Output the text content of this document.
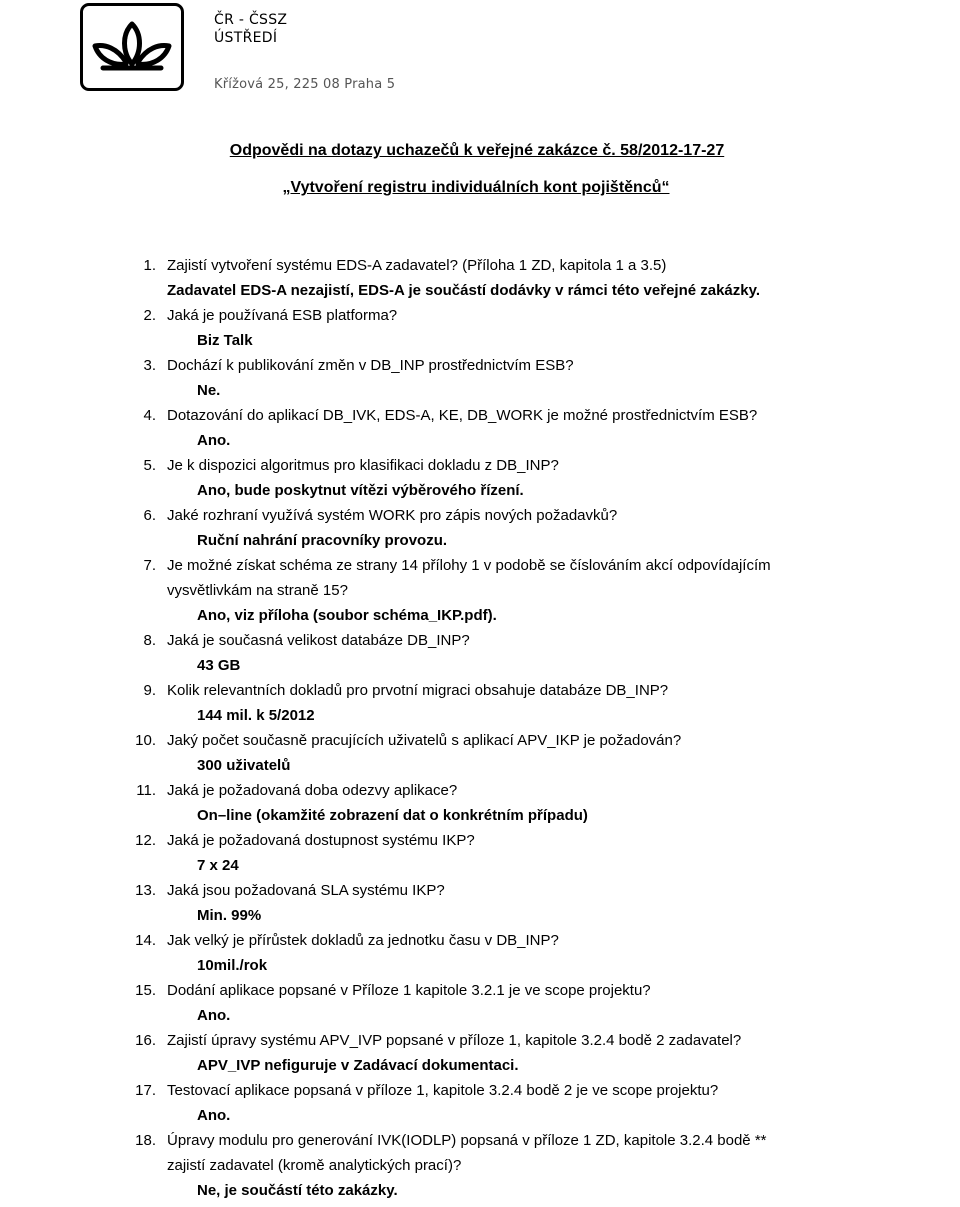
ČR - ČSSZ
ÚSTŘEDÍ
Křížová 25, 225 08 Praha 5
Odpovědi na dotazy uchazečů k veřejné zakázce č. 58/2012-17-27
„Vytvoření registru individuálních kont pojištěnců“
1. Zajistí vytvoření systému EDS-A zadavatel? (Příloha 1 ZD, kapitola 1 a 3.5)
Zadavatel EDS-A nezajistí, EDS-A je součástí dodávky v rámci této veřejné zakázky.
2. Jaká je používaná ESB platforma?
Biz Talk
3. Dochází k publikování změn v DB_INP prostřednictvím ESB?
Ne.
4. Dotazování do aplikací DB_IVK, EDS-A, KE, DB_WORK je možné prostřednictvím ESB?
Ano.
5. Je k dispozici algoritmus pro klasifikaci dokladu z DB_INP?
Ano, bude poskytnut vítězi výběrového řízení.
6. Jaké rozhraní využívá systém WORK pro zápis nových požadavků?
Ruční nahrání pracovníky provozu.
7. Je možné získat schéma ze strany 14 přílohy 1 v podobě se číslováním akcí odpovídajícím
vysvětlivkám na straně 15?
Ano, viz příloha (soubor schéma_IKP.pdf).
8. Jaká je současná velikost databáze DB_INP?
43 GB
9. Kolik relevantních dokladů pro prvotní migraci obsahuje databáze DB_INP?
144 mil. k 5/2012
10. Jaký počet současně pracujících uživatelů s aplikací APV_IKP je požadován?
300 uživatelů
11. Jaká je požadovaná doba odezvy aplikace?
On–line (okamžité zobrazení dat o konkrétním případu)
12. Jaká je požadovaná dostupnost systému IKP?
7 x 24
13. Jaká jsou požadovaná SLA systému IKP?
Min. 99%
14. Jak velký je přírůstek dokladů za jednotku času v DB_INP?
10mil./rok
15. Dodání aplikace popsané v Příloze 1 kapitole 3.2.1 je ve scope projektu?
Ano.
16. Zajistí úpravy systému APV_IVP popsané v příloze 1, kapitole 3.2.4 bodě 2 zadavatel?
APV_IVP nefiguruje v Zadávací dokumentaci.
17. Testovací aplikace popsaná v příloze 1, kapitole 3.2.4 bodě 2 je ve scope projektu?
Ano.
18. Úpravy modulu pro generování IVK(IODLP) popsaná v příloze 1 ZD, kapitole 3.2.4 bodě **
zajistí zadavatel (kromě analytických prací)?
Ne, je součástí této zakázky.
